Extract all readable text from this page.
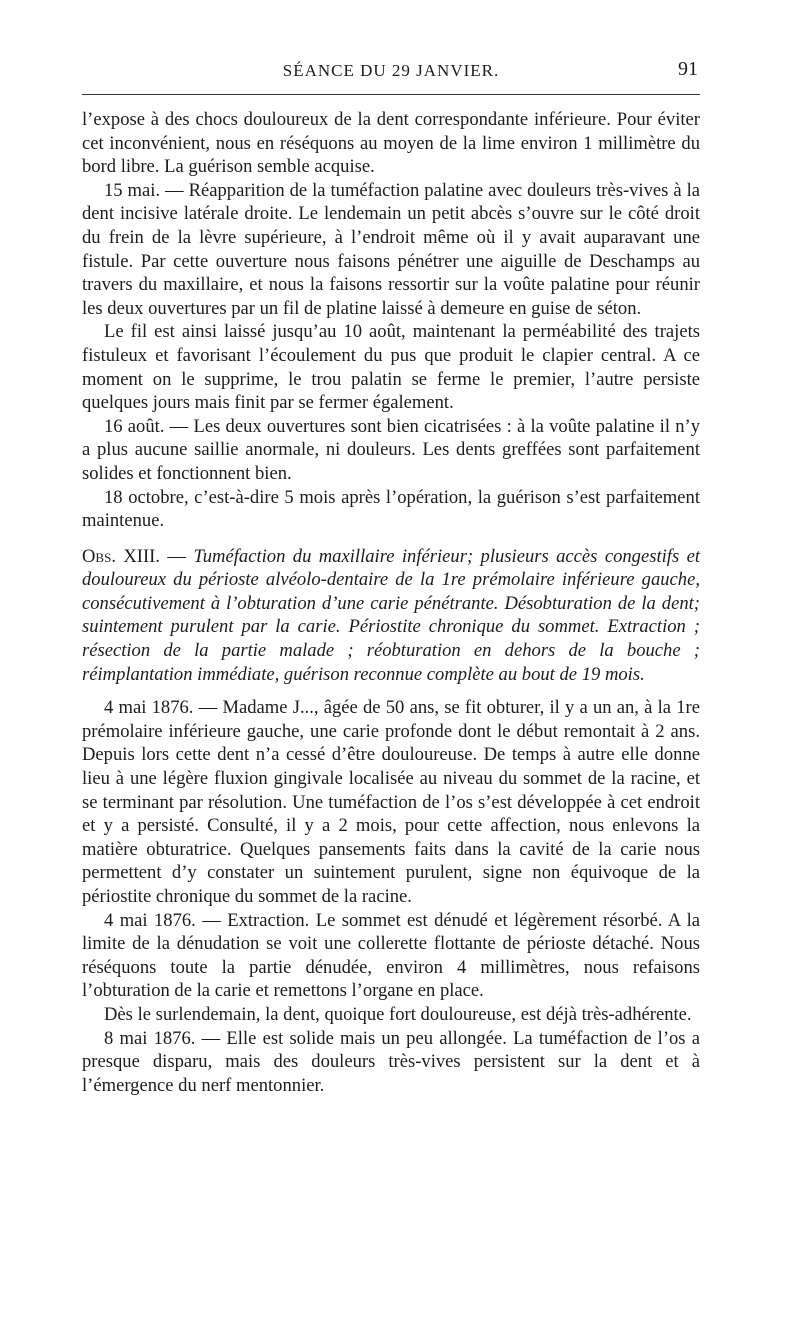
SÉANCE DU 29 JANVIER.	91

l’expose à des chocs douloureux de la dent correspondante inférieure. Pour éviter cet inconvénient, nous en réséquons au moyen de la lime environ 1 millimètre du bord libre. La guérison semble acquise.

15 mai. — Réapparition de la tuméfaction palatine avec douleurs très-vives à la dent incisive latérale droite. Le lendemain un petit abcès s’ouvre sur le côté droit du frein de la lèvre supérieure, à l’endroit même où il y avait auparavant une fistule. Par cette ouverture nous faisons pénétrer une aiguille de Deschamps au travers du maxillaire, et nous la faisons ressortir sur la voûte palatine pour réunir les deux ouvertures par un fil de platine laissé à demeure en guise de séton.

Le fil est ainsi laissé jusqu’au 10 août, maintenant la perméabilité des trajets fistuleux et favorisant l’écoulement du pus que produit le clapier central. A ce moment on le supprime, le trou palatin se ferme le premier, l’autre persiste quelques jours mais finit par se fermer également.

16 août. — Les deux ouvertures sont bien cicatrisées : à la voûte palatine il n’y a plus aucune saillie anormale, ni douleurs. Les dents greffées sont parfaitement solides et fonctionnent bien.

18 octobre, c’est-à-dire 5 mois après l’opération, la guérison s’est parfaitement maintenue.

Obs. XIII. — Tuméfaction du maxillaire inférieur; plusieurs accès congestifs et douloureux du périoste alvéolo-dentaire de la 1re prémolaire inférieure gauche, consécutivement à l’obturation d’une carie pénétrante. Désobturation de la dent; suintement purulent par la carie. Périostite chronique du sommet. Extraction ; résection de la partie malade ; réobturation en dehors de la bouche ; réimplantation immédiate, guérison reconnue complète au bout de 19 mois.

4 mai 1876. — Madame J..., âgée de 50 ans, se fit obturer, il y a un an, à la 1re prémolaire inférieure gauche, une carie profonde dont le début remontait à 2 ans. Depuis lors cette dent n’a cessé d’être douloureuse. De temps à autre elle donne lieu à une légère fluxion gingivale localisée au niveau du sommet de la racine, et se terminant par résolution. Une tuméfaction de l’os s’est développée à cet endroit et y a persisté. Consulté, il y a 2 mois, pour cette affection, nous enlevons la matière obturatrice. Quelques pansements faits dans la cavité de la carie nous permettent d’y constater un suintement purulent, signe non équivoque de la périostite chronique du sommet de la racine.

4 mai 1876. — Extraction. Le sommet est dénudé et légèrement résorbé. A la limite de la dénudation se voit une collerette flottante de périoste détaché. Nous réséquons toute la partie dénudée, environ 4 millimètres, nous refaisons l’obturation de la carie et remettons l’organe en place.

Dès le surlendemain, la dent, quoique fort douloureuse, est déjà très-adhérente.

8 mai 1876. — Elle est solide mais un peu allongée. La tuméfaction de l’os a presque disparu, mais des douleurs très-vives persistent sur la dent et à l’émergence du nerf mentonnier.
